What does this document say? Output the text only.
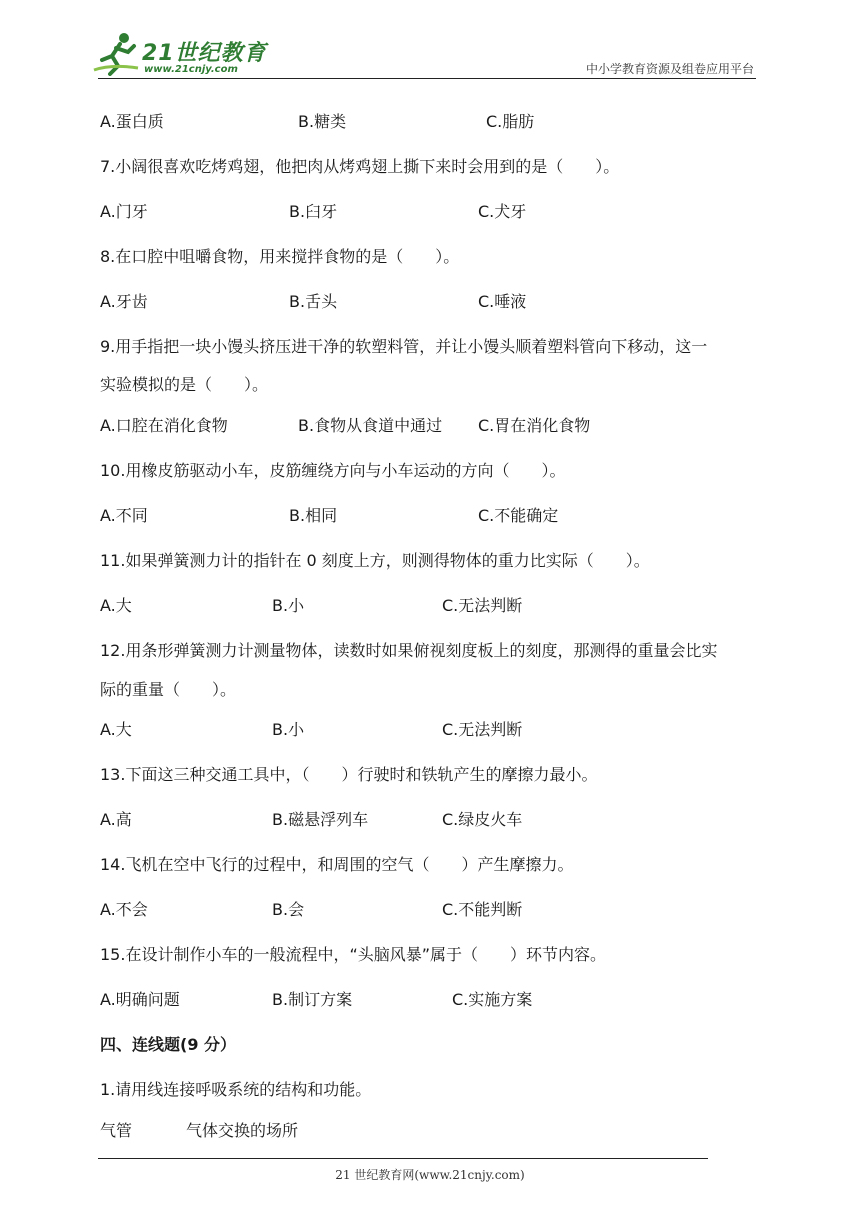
21世纪教育
www.21cnjy.com	中小学教育资源及组卷应用平台
A.蛋白质	B.糖类	C.脂肪
7.小阔很喜欢吃烤鸡翅，他把肉从烤鸡翅上撕下来时会用到的是（　　）。
A.门牙	B.臼牙	C.犬牙
8.在口腔中咀嚼食物，用来搅拌食物的是（　　）。
A.牙齿	B.舌头	C.唾液
9.用手指把一块小馒头挤压进干净的软塑料管，并让小馒头顺着塑料管向下移动，这一
实验模拟的是（　　）。
A.口腔在消化食物	B.食物从食道中通过 C.胃在消化食物
10.用橡皮筋驱动小车，皮筋缠绕方向与小车运动的方向（　　）。
A.不同	B.相同	C.不能确定
11.如果弹簧测力计的指针在 0 刻度上方，则测得物体的重力比实际（　　）。
A.大	B.小	C.无法判断
12.用条形弹簧测力计测量物体，读数时如果俯视刻度板上的刻度，那测得的重量会比实
际的重量（　　）。
A.大	B.小	C.无法判断
13.下面这三种交通工具中，（　　）行驶时和铁轨产生的摩擦力最小。
A.高	B.磁悬浮列车	C.绿皮火车
14.飞机在空中飞行的过程中，和周围的空气（　　）产生摩擦力。
A.不会	B.会	C.不能判断
15.在设计制作小车的一般流程中，“头脑风暴”属于（　　）环节内容。
A.明确问题	B.制订方案	C.实施方案
四、连线题(9 分）
1.请用线连接呼吸系统的结构和功能。
气管	气体交换的场所
21 世纪教育网(www.21cnjy.com)
